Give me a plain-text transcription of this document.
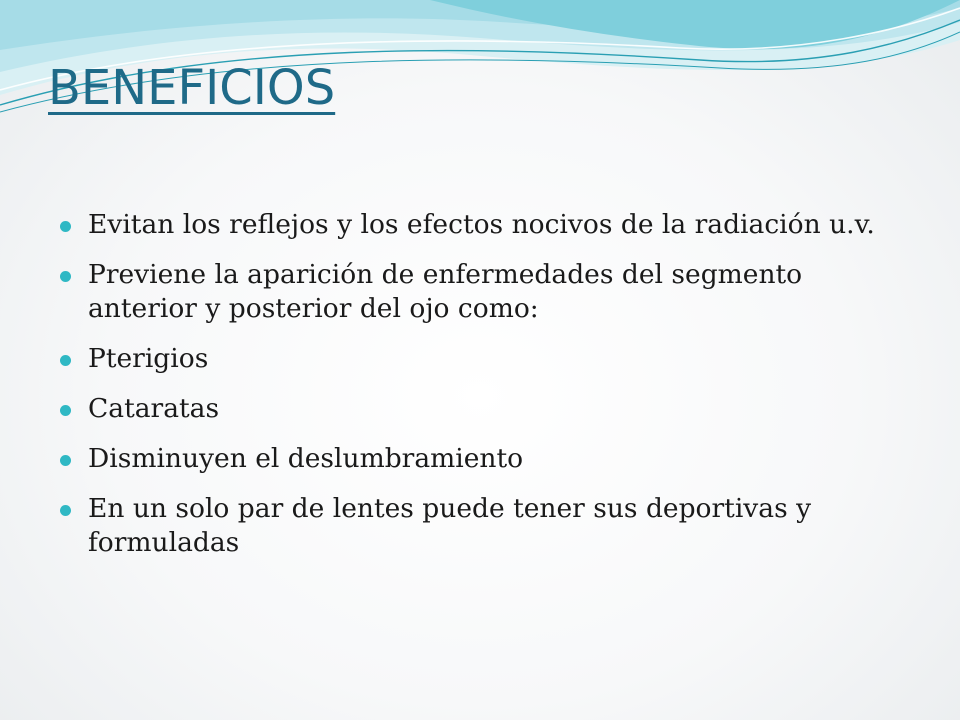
BENEFICIOS
Evitan los reflejos y los efectos nocivos de la radiación u.v.
Previene la aparición de enfermedades del segmento anterior y posterior del ojo como:
Pterigios
Cataratas
Disminuyen el deslumbramiento
En un solo par de lentes puede tener sus deportivas y formuladas
